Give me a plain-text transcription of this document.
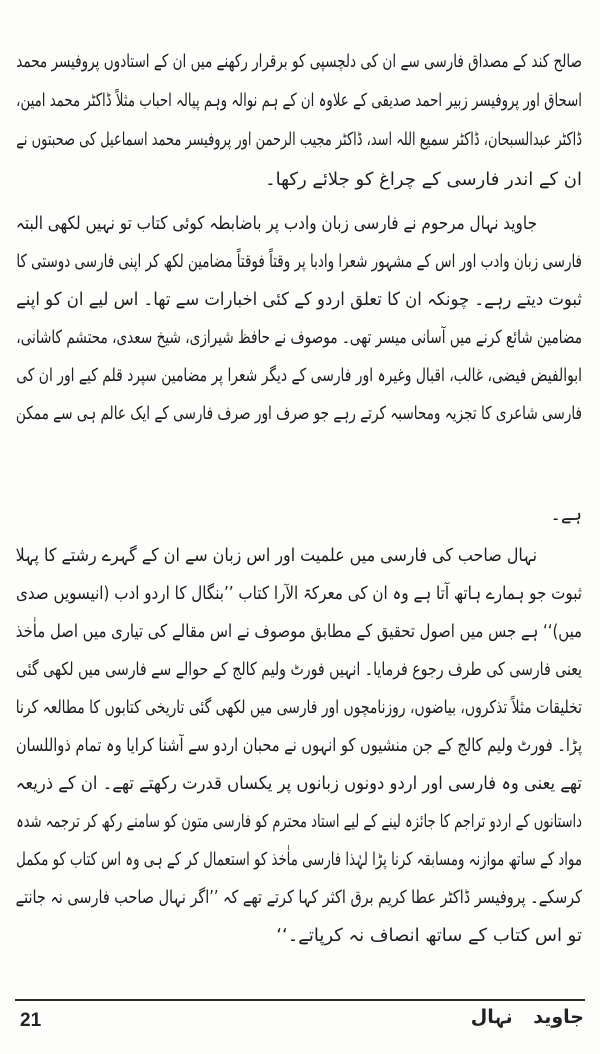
صالح کند کے مصداق فارسی سے ان کی دلچسپی کو برقرار رکھنے میں ان کے استادوں پروفیسر محمد
اسحاق اور پروفیسر زبیر احمد صدیقی کے علاوہ ان کے ہم نوالہ وہم پیالہ احباب مثلاً ڈاکٹر محمد امین،
ڈاکٹر عبدالسبحان، ڈاکٹر سمیع اللہ اسد، ڈاکٹر مجیب الرحمن اور پروفیسر محمد اسماعیل کی صحبتوں نے
ان کے اندر فارسی کے چراغ کو جلائے رکھا۔
جاوید نہال مرحوم نے فارسی زبان وادب پر باضابطہ کوئی کتاب تو نہیں لکھی البتہ
فارسی زبان وادب اور اس کے مشہور شعرا وادبا پر وقتاً فوقتاً مضامین لکھ کر اپنی فارسی دوستی کا
ثبوت دیتے رہے۔ چونکہ ان کا تعلق اردو کے کئی اخبارات سے تھا۔ اس لیے ان کو اپنے
مضامین شائع کرنے میں آسانی میسر تھی۔ موصوف نے حافظ شیرازی، شیخ سعدی، محتشم کاشانی،
ابوالفیض فیضی، غالب، اقبال وغیرہ اور فارسی کے دیگر شعرا پر مضامین سپرد قلم کیے اور ان کی
فارسی شاعری کا تجزیہ ومحاسبہ کرتے رہے جو صرف اور صرف فارسی کے ایک عالم ہی سے ممکن
ہے۔
نہال صاحب کی فارسی میں علمیت اور اس زبان سے ان کے گہرے رشتے کا پہلا
ثبوت جو ہمارے ہاتھ آتا ہے وہ ان کی معرکۃ الآرا کتاب ’’بنگال کا اردو ادب (انیسویں صدی
میں)‘‘ ہے جس میں اصول تحقیق کے مطابق موصوف نے اس مقالے کی تیاری میں اصل ماٰخذ
یعنی فارسی کی طرف رجوع فرمایا۔ انہیں فورٹ ولیم کالج کے حوالے سے فارسی میں لکھی گئی
تخلیقات مثلاً تذکروں، بیاضوں، روزنامچوں اور فارسی میں لکھی گئی تاریخی کتابوں کا مطالعہ کرنا
پڑا۔ فورٹ ولیم کالج کے جن منشیوں کو انہوں نے محبان اردو سے آشنا کرایا وہ تمام ذواللسان
تھے یعنی وہ فارسی اور اردو دونوں زبانوں پر یکساں قدرت رکھتے تھے۔ ان کے ذریعہ
داستانوں کے اردو تراجم کا جائزہ لینے کے لیے استاد محترم کو فارسی متون کو سامنے رکھ کر ترجمہ شدہ
مواد کے ساتھ موازنہ ومسابقہ کرنا پڑا لہٰذا فارسی ماٰخذ کو استعمال کر کے ہی وہ اس کتاب کو مکمل
کرسکے۔ پروفیسر ڈاکٹر عطا کریم برق اکثر کہا کرتے تھے کہ ’’اگر نہال صاحب فارسی نہ جانتے
تو اس کتاب کے ساتھ انصاف نہ کرپاتے۔‘‘
21	جاوید نہال
